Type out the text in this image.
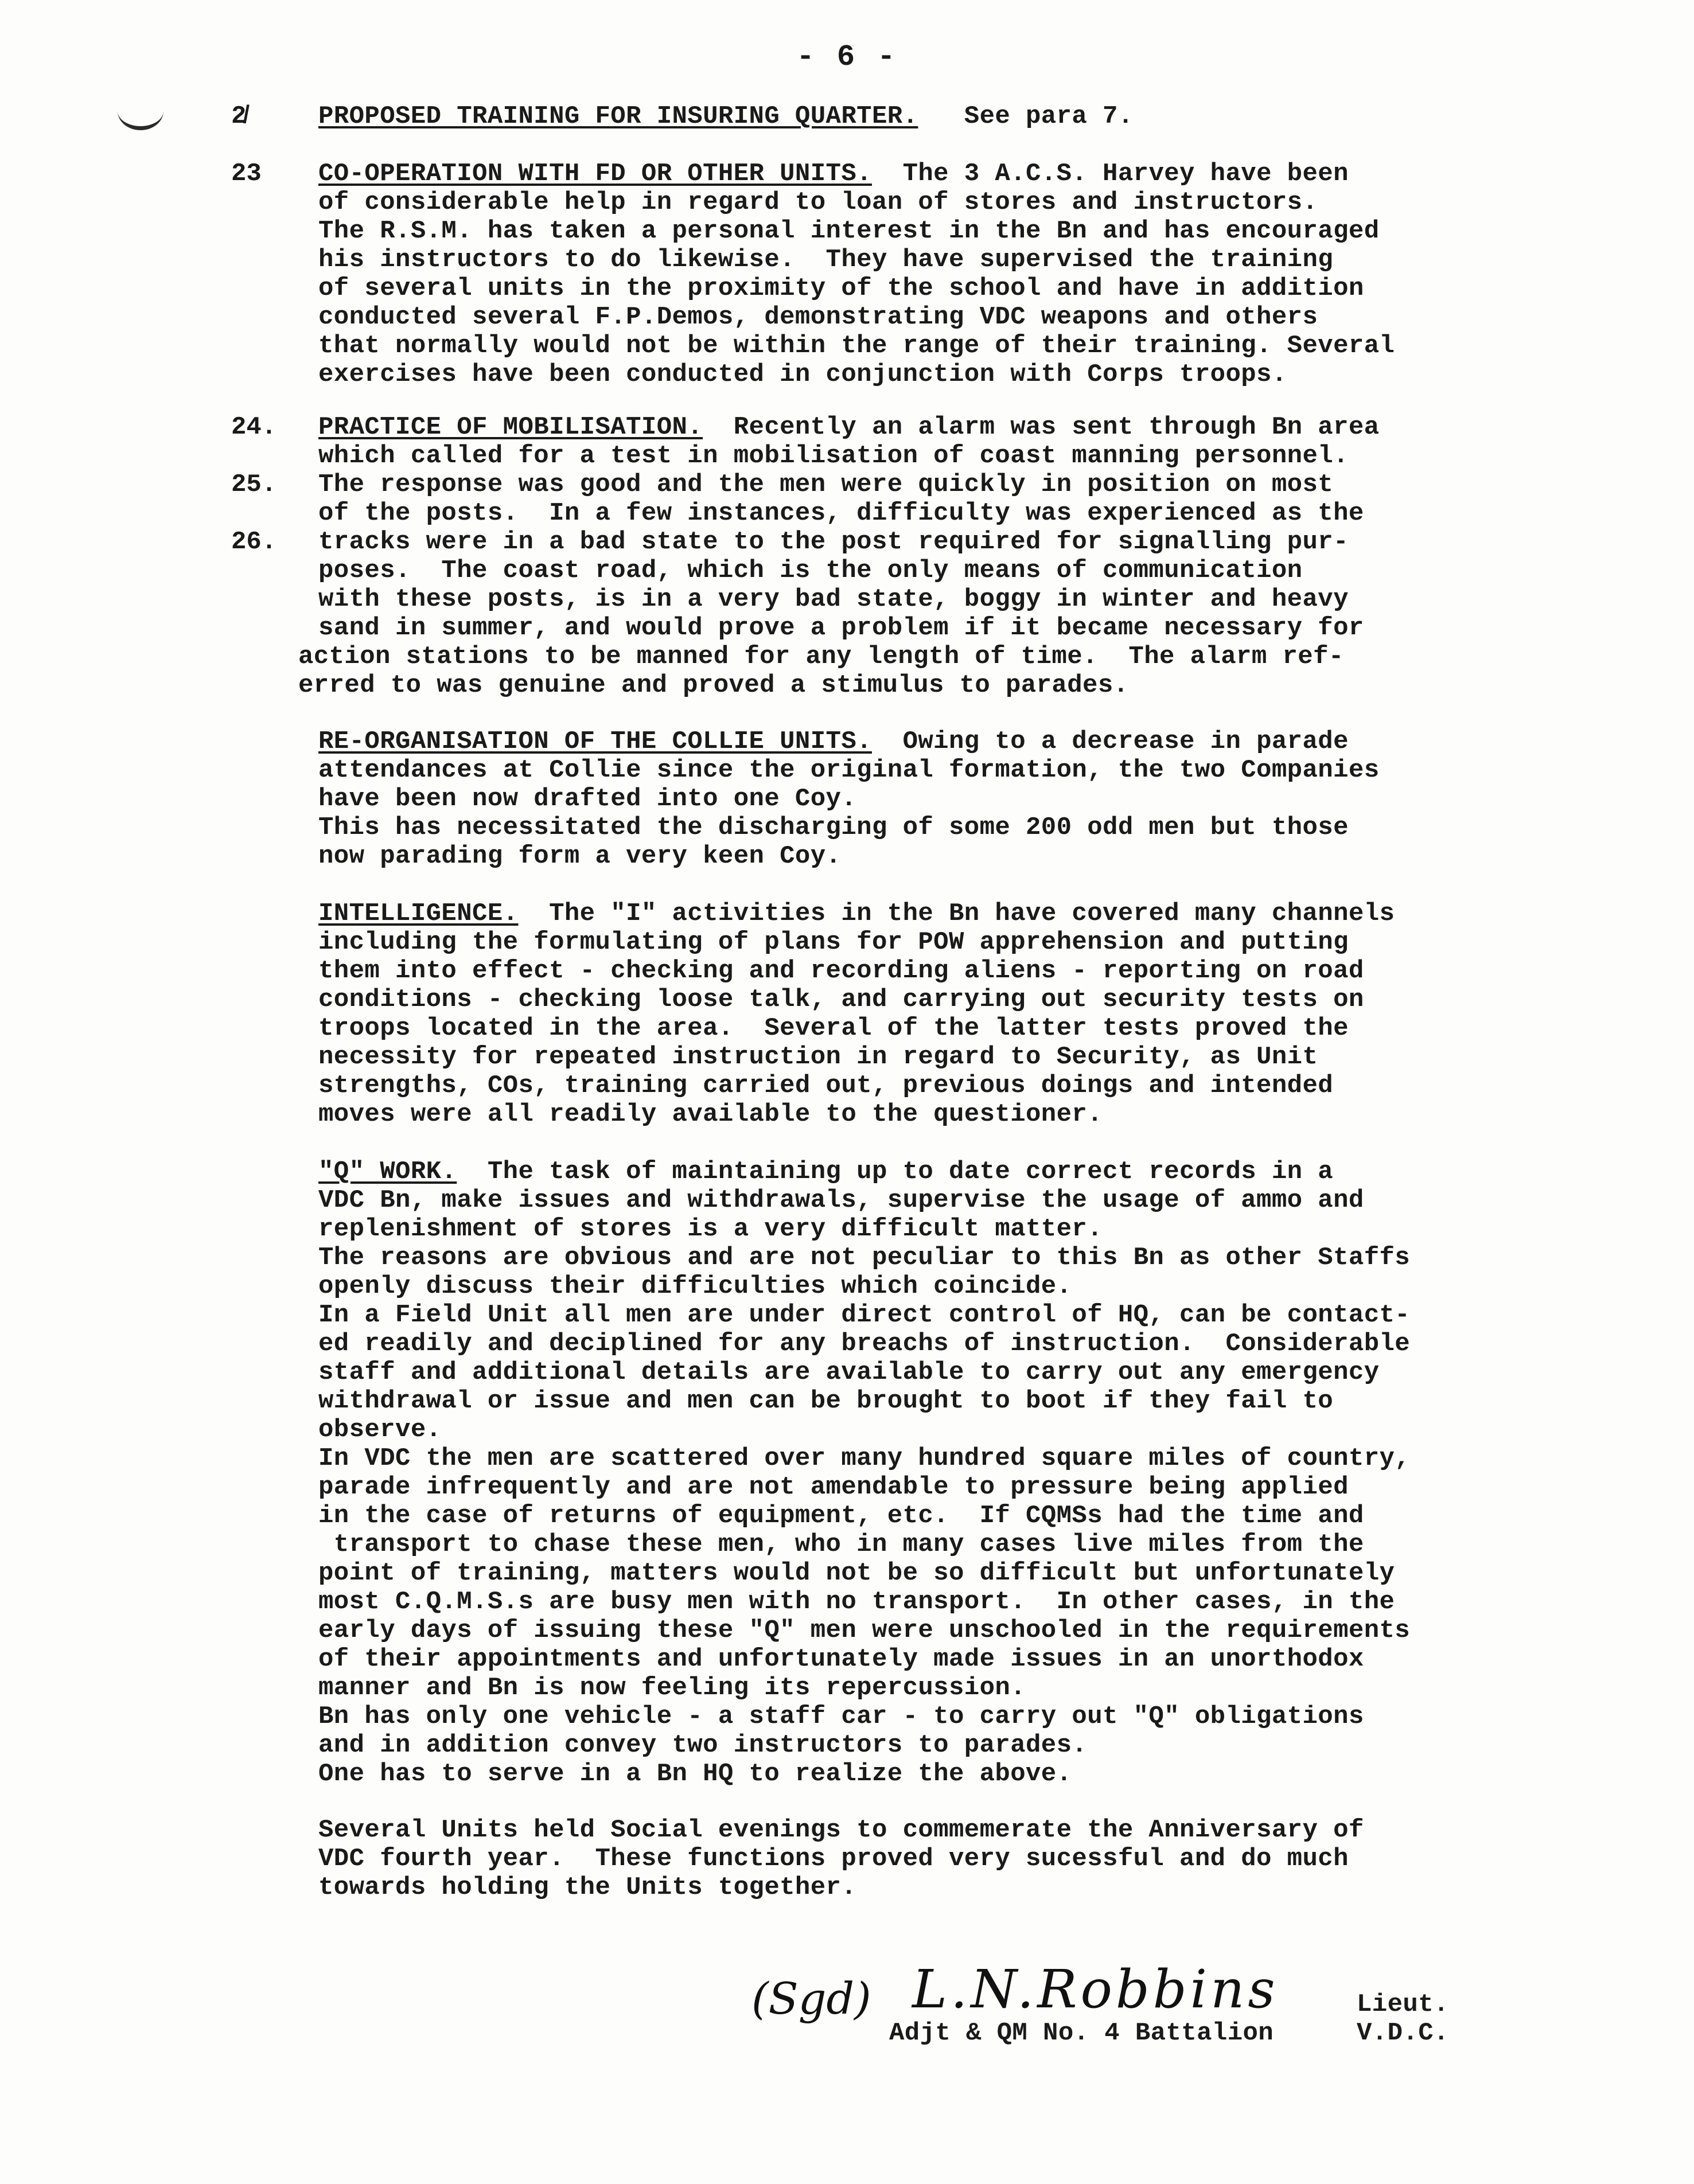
- 6 -
2̸
23
24.
25.
26.
PROPOSED TRAINING FOR INSURING QUARTER.   See para 7.
CO-OPERATION WITH FD OR OTHER UNITS.  The 3 A.C.S. Harvey have been
of considerable help in regard to loan of stores and instructors.
The R.S.M. has taken a personal interest in the Bn and has encouraged
his instructors to do likewise.  They have supervised the training
of several units in the proximity of the school and have in addition
conducted several F.P.Demos, demonstrating VDC weapons and others
that normally would not be within the range of their training. Several
exercises have been conducted in conjunction with Corps troops.
PRACTICE OF MOBILISATION.  Recently an alarm was sent through Bn area
which called for a test in mobilisation of coast manning personnel.
The response was good and the men were quickly in position on most
of the posts.  In a few instances, difficulty was experienced as the
tracks were in a bad state to the post required for signalling pur-
poses.  The coast road, which is the only means of communication
with these posts, is in a very bad state, boggy in winter and heavy
sand in summer, and would prove a problem if it became necessary for
action stations to be manned for any length of time.  The alarm ref-
erred to was genuine and proved a stimulus to parades.
RE-ORGANISATION OF THE COLLIE UNITS.  Owing to a decrease in parade
attendances at Collie since the original formation, the two Companies
have been now drafted into one Coy.
This has necessitated the discharging of some 200 odd men but those
now parading form a very keen Coy.
INTELLIGENCE.  The "I" activities in the Bn have covered many channels
including the formulating of plans for POW apprehension and putting
them into effect - checking and recording aliens - reporting on road
conditions - checking loose talk, and carrying out security tests on
troops located in the area.  Several of the latter tests proved the
necessity for repeated instruction in regard to Security, as Unit
strengths, COs, training carried out, previous doings and intended
moves were all readily available to the questioner.
"Q" WORK.  The task of maintaining up to date correct records in a
VDC Bn, make issues and withdrawals, supervise the usage of ammo and
replenishment of stores is a very difficult matter.
The reasons are obvious and are not peculiar to this Bn as other Staffs
openly discuss their difficulties which coincide.
In a Field Unit all men are under direct control of HQ, can be contact-
ed readily and deciplined for any breachs of instruction.  Considerable
staff and additional details are available to carry out any emergency
withdrawal or issue and men can be brought to boot if they fail to
observe.
In VDC the men are scattered over many hundred square miles of country,
parade infrequently and are not amendable to pressure being applied
in the case of returns of equipment, etc.  If CQMSs had the time and
transport to chase these men, who in many cases live miles from the
point of training, matters would not be so difficult but unfortunately
most C.Q.M.S.s are busy men with no transport.  In other cases, in the
early days of issuing these "Q" men were unschooled in the requirements
of their appointments and unfortunately made issues in an unorthodox
manner and Bn is now feeling its repercussion.
Bn has only one vehicle - a staff car - to carry out "Q" obligations
and in addition convey two instructors to parades.
One has to serve in a Bn HQ to realize the above.
Several Units held Social evenings to commemerate the Anniversary of
VDC fourth year.  These functions proved very sucessful and do much
towards holding the Units together.
(Sgd) L.N.Robbins	Lieut.
Adjt & QM No. 4 Battalion	V.D.C.
